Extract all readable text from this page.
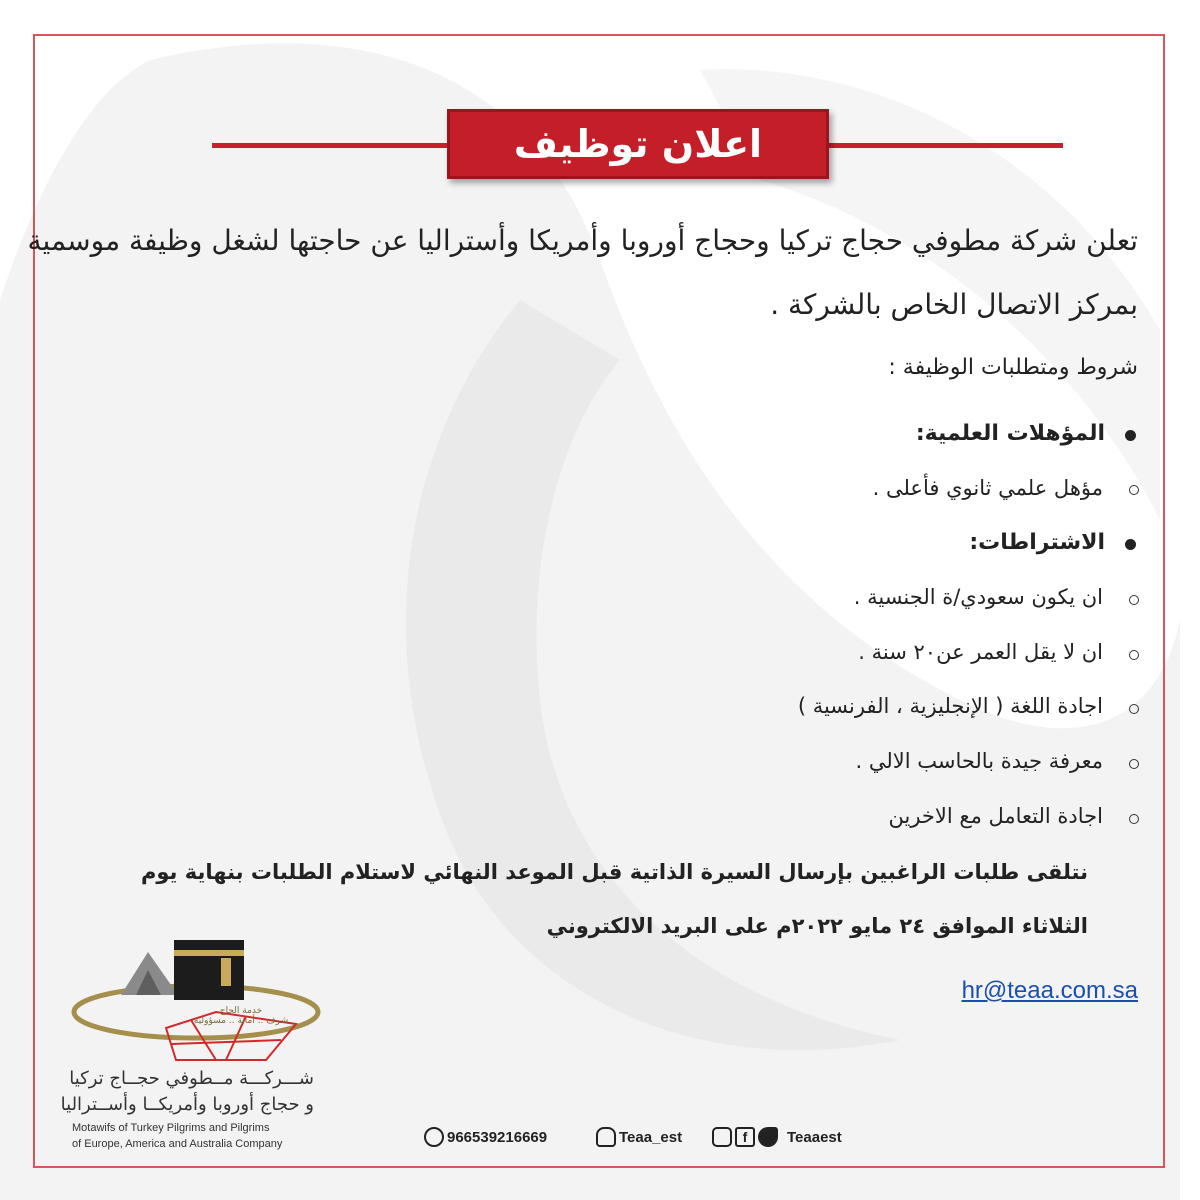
اعلان توظيف
تعلن شركة مطوفي حجاج تركيا وحجاج أوروبا وأمريكا وأستراليا عن حاجتها لشغل وظيفة موسمية
بمركز الاتصال الخاص بالشركة .
شروط ومتطلبات الوظيفة :
المؤهلات العلمية:
مؤهل علمي ثانوي فأعلى .
الاشتراطات:
ان يكون سعودي/ة الجنسية .
ان لا يقل العمر عن٢٠ سنة .
اجادة اللغة ( الإنجليزية ، الفرنسية )
معرفة جيدة بالحاسب الالي .
اجادة التعامل مع الاخرين
نتلقى طلبات الراغبين بإرسال السيرة الذاتية قبل الموعد النهائي لاستلام الطلبات بنهاية يوم
الثلاثاء الموافق ٢٤ مايو ٢٠٢٢م على البريد الالكتروني
hr@teaa.com.sa
خدمة الحاج
شرف .. أمانة .. مسؤولية
شـــركـــة مــطوفي حجــاج تركيا
و حجاج أوروبا وأمريكــا وأســتراليا
Motawifs of Turkey Pilgrims and Pilgrims
of Europe, America and Australia Company	966539216669	Teaa_est	f	Teaaest
